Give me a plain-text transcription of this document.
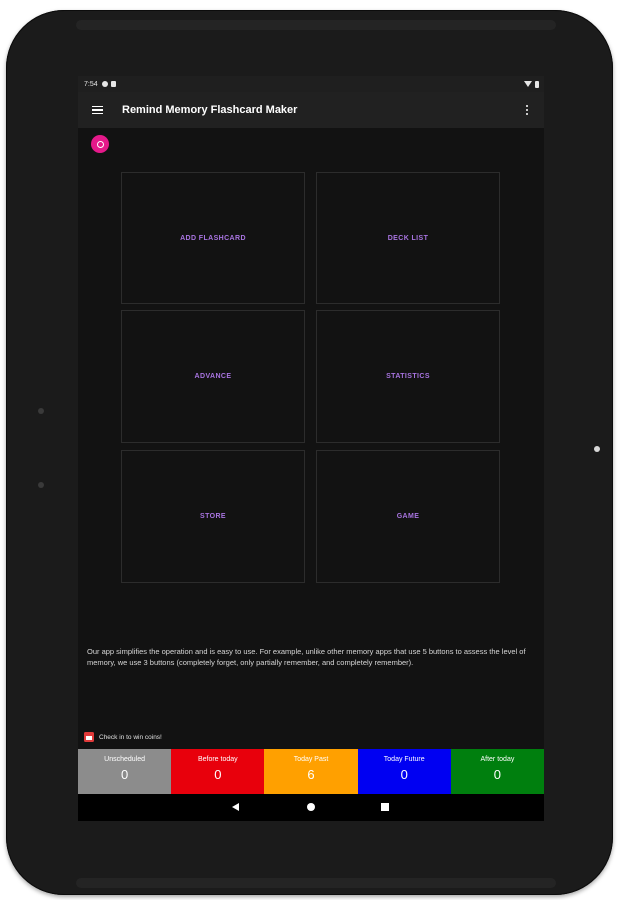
7:54
Remind Memory Flashcard Maker
ADD FLASHCARD	DECK LIST
ADVANCE	STATISTICS
STORE	GAME
Our app simplifies the operation and is easy to use. For example, unlike other memory apps that use 5 buttons to assess the level of memory, we use 3 buttons (completely forget, only partially remember, and completely remember).
Check in to win coins!
Unscheduled
0
Before today
0
Today Past
6
Today Future
0
After today
0
